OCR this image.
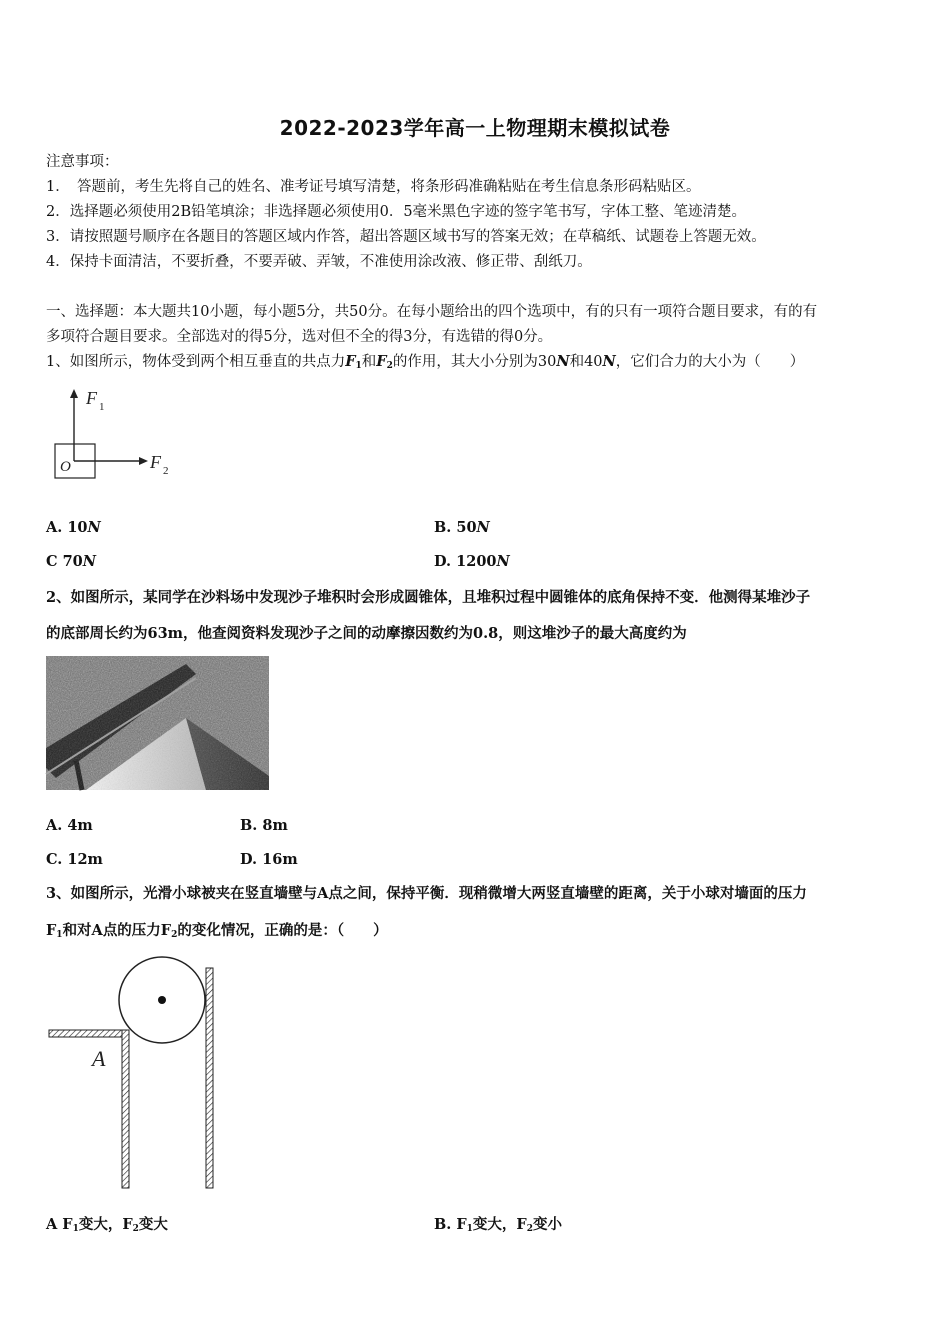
2022-2023学年高一上物理期末模拟试卷
注意事项：
1．　答题前，考生先将自己的姓名、准考证号填写清楚，将条形码准确粘贴在考生信息条形码粘贴区。
2．选择题必须使用2B铅笔填涂；非选择题必须使用0．5毫米黑色字迹的签字笔书写，字体工整、笔迹清楚。
3．请按照题号顺序在各题目的答题区域内作答，超出答题区域书写的答案无效；在草稿纸、试题卷上答题无效。
4．保持卡面清洁，不要折叠，不要弄破、弄皱，不准使用涂改液、修正带、刮纸刀。
一、选择题：本大题共10小题，每小题5分，共50分。在每小题给出的四个选项中，有的只有一项符合题目要求，有的有
多项符合题目要求。全部选对的得5分，选对但不全的得3分，有选错的得0分。
1、如图所示，物体受到两个相互垂直的共点力$F_1$和$F_2$的作用，其大小分别为30N和40N，它们合力的大小为（　　）
F 1
F 2
O
A. 10N	B. 50N
C 70N	D. 1200N
2、如图所示，某同学在沙料场中发现沙子堆积时会形成圆锥体，且堆积过程中圆锥体的底角保持不变．他测得某堆沙子
的底部周长约为63m，他查阅资料发现沙子之间的动摩擦因数约为0.8，则这堆沙子的最大高度约为
A. 4m	B. 8m
C. 12m	D. 16m
3、如图所示，光滑小球被夹在竖直墙壁与A点之间，保持平衡．现稍微增大两竖直墙壁的距离，关于小球对墙面的压力
$F_1$和对A点的压力$F_2$的变化情况，正确的是：（　　）
A
A $F_1$变大，$F_2$变大	B. $F_1$变大，$F_2$变小
